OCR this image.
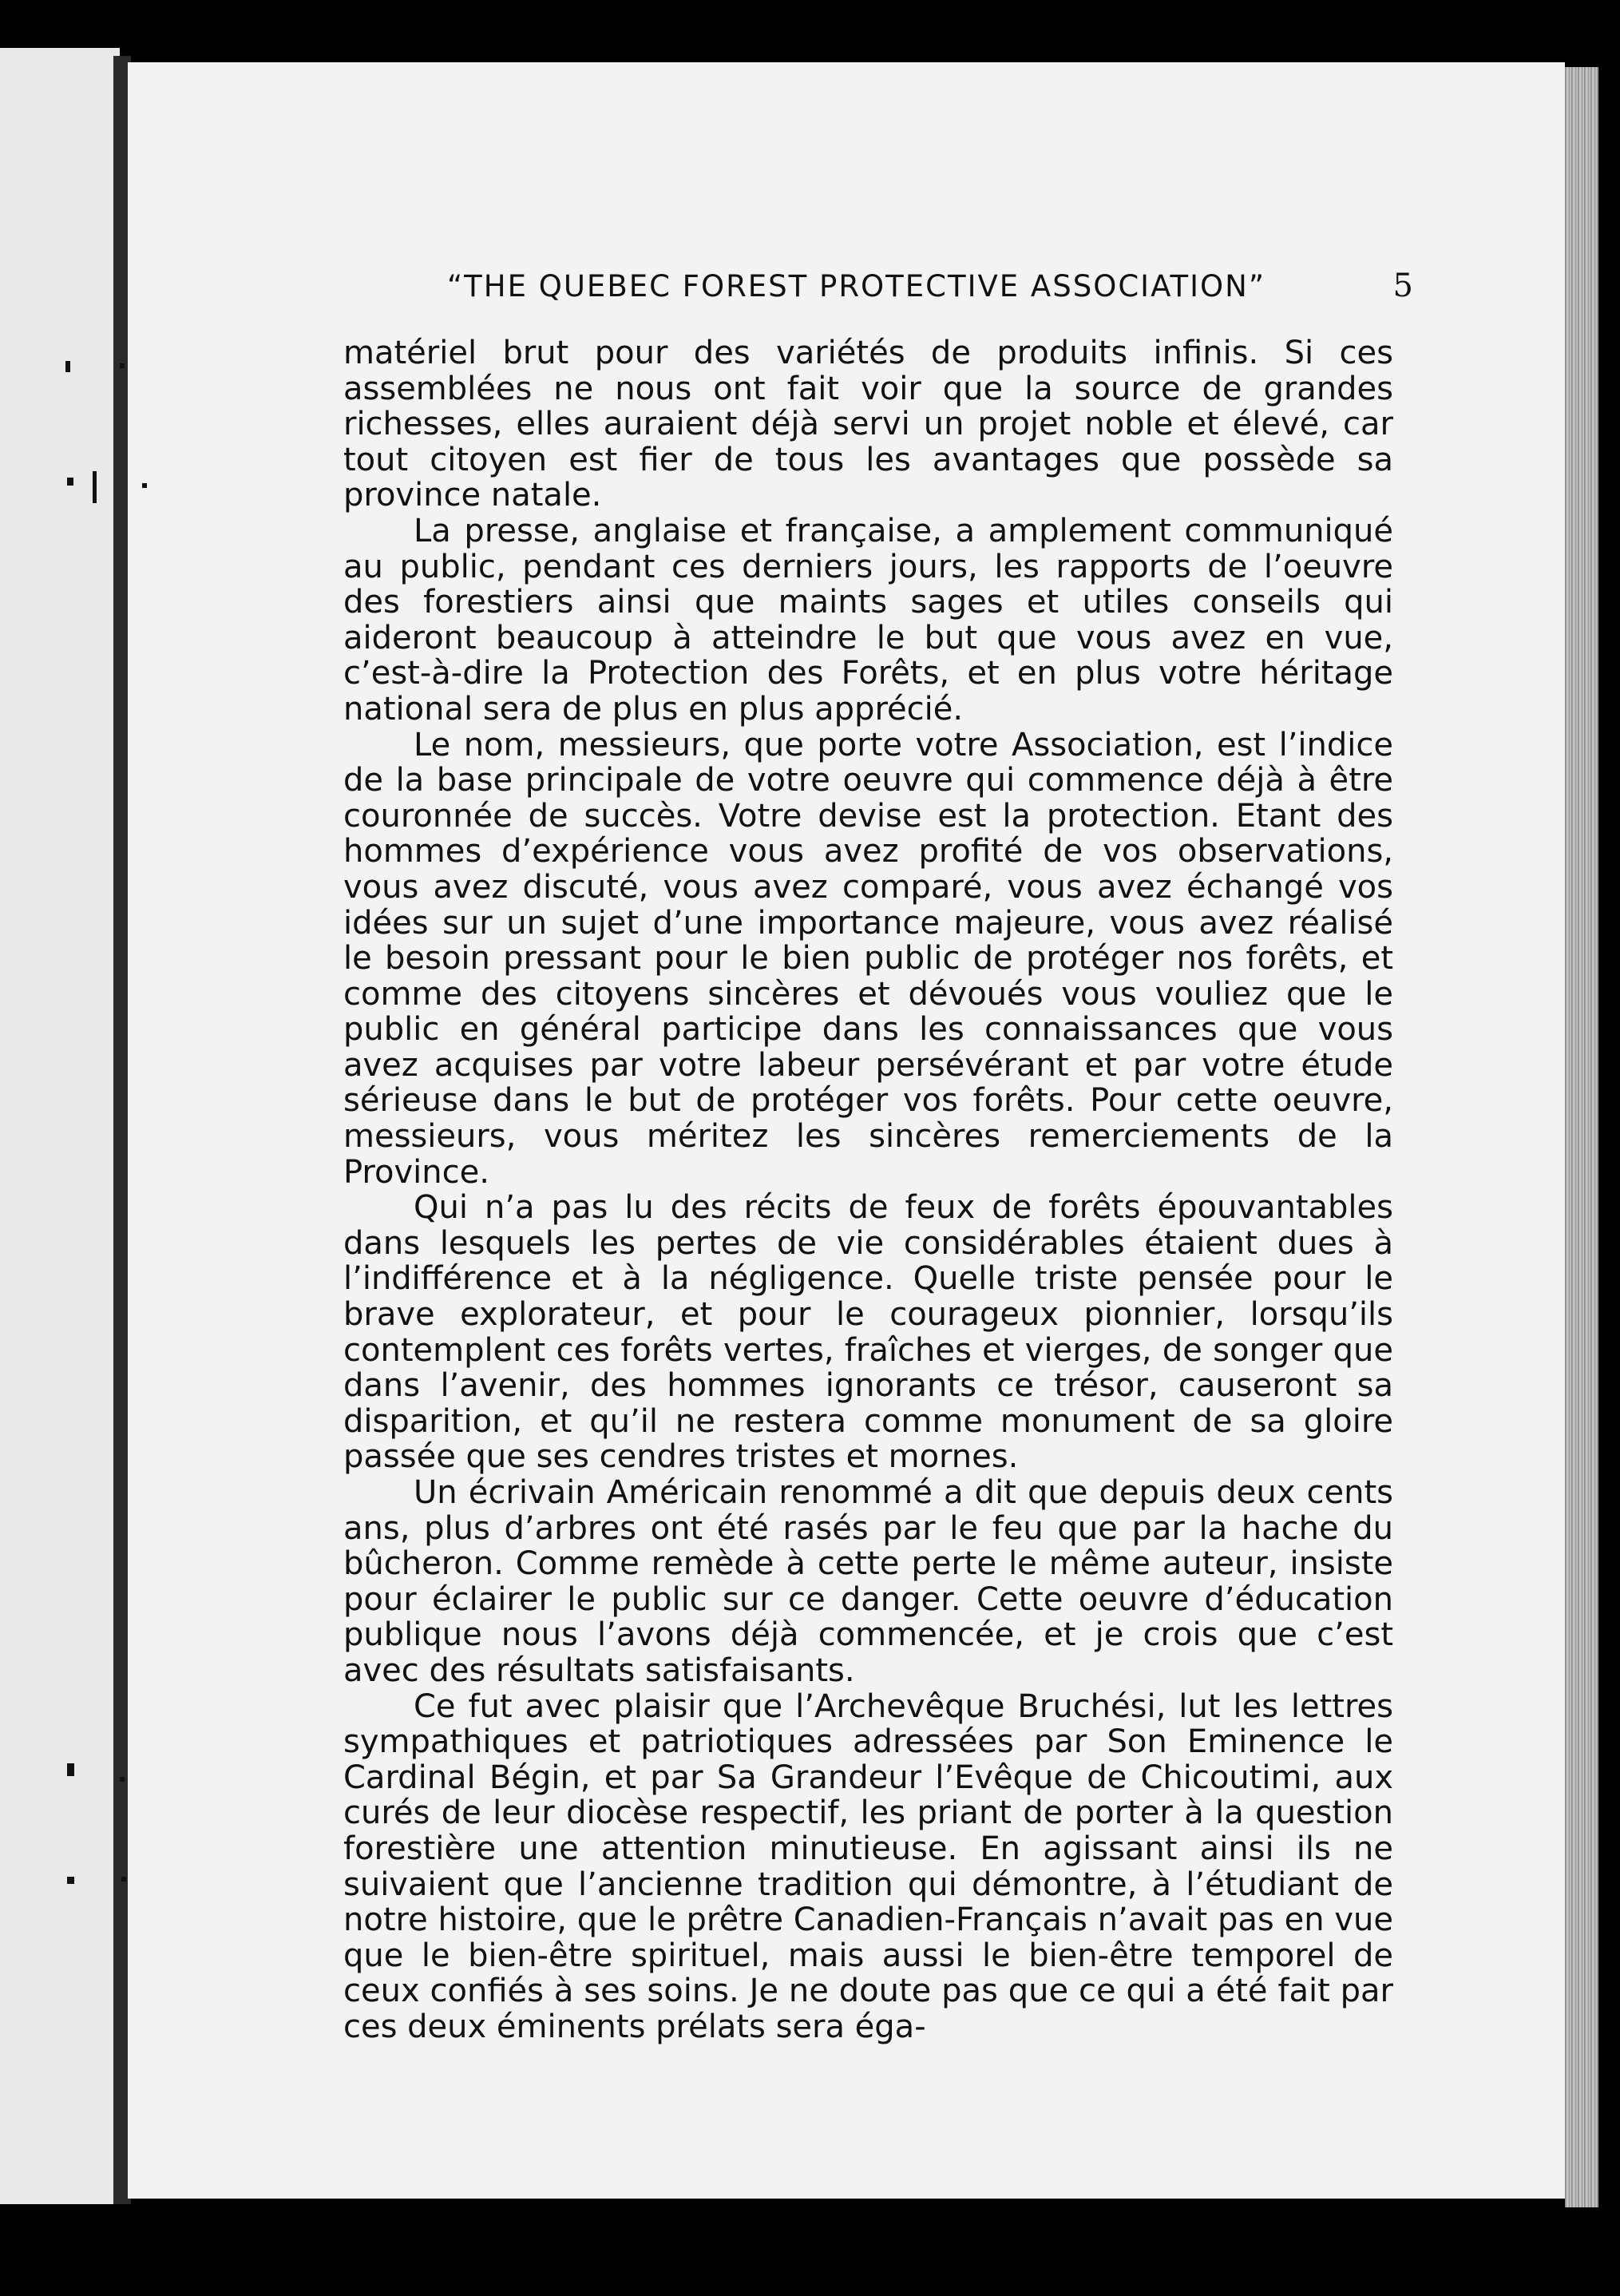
“THE QUEBEC FOREST PROTECTIVE ASSOCIATION”	5

matériel brut pour des variétés de produits infinis. Si ces assemblées ne nous ont fait voir que la source de grandes richesses, elles auraient déjà servi un projet noble et élevé, car tout citoyen est fier de tous les avantages que possède sa province natale.

La presse, anglaise et française, a amplement communiqué au public, pendant ces derniers jours, les rapports de l’oeuvre des forestiers ainsi que maints sages et utiles conseils qui aideront beaucoup à atteindre le but que vous avez en vue, c’est-à-dire la Protection des Forêts, et en plus votre héritage national sera de plus en plus apprécié.

Le nom, messieurs, que porte votre Association, est l’indice de la base principale de votre oeuvre qui commence déjà à être couronnée de succès. Votre devise est la protection. Etant des hommes d’expérience vous avez profité de vos observations, vous avez discuté, vous avez comparé, vous avez échangé vos idées sur un sujet d’une importance majeure, vous avez réalisé le besoin pressant pour le bien public de protéger nos forêts, et comme des citoyens sincères et dévoués vous vouliez que le public en général participe dans les connaissances que vous avez acquises par votre labeur persévérant et par votre étude sérieuse dans le but de protéger vos forêts. Pour cette oeuvre, messieurs, vous méritez les sincères remerciements de la Province.

Qui n’a pas lu des récits de feux de forêts épouvantables dans lesquels les pertes de vie considérables étaient dues à l’indifférence et à la négligence. Quelle triste pensée pour le brave explorateur, et pour le courageux pionnier, lorsqu’ils contemplent ces forêts vertes, fraîches et vierges, de songer que dans l’avenir, des hommes ignorants ce trésor, causeront sa disparition, et qu’il ne restera comme monument de sa gloire passée que ses cendres tristes et mornes.

Un écrivain Américain renommé a dit que depuis deux cents ans, plus d’arbres ont été rasés par le feu que par la hache du bûcheron. Comme remède à cette perte le même auteur, insiste pour éclairer le public sur ce danger. Cette oeuvre d’éducation publique nous l’avons déjà commencée, et je crois que c’est avec des résultats satisfaisants.

Ce fut avec plaisir que l’Archevêque Bruchési, lut les lettres sympathiques et patriotiques adressées par Son Eminence le Cardinal Bégin, et par Sa Grandeur l’Evêque de Chicoutimi, aux curés de leur diocèse respectif, les priant de porter à la question forestière une attention minutieuse. En agissant ainsi ils ne suivaient que l’ancienne tradition qui démontre, à l’étudiant de notre histoire, que le prêtre Canadien-Français n’avait pas en vue que le bien-être spirituel, mais aussi le bien-être temporel de ceux confiés à ses soins. Je ne doute pas que ce qui a été fait par ces deux éminents prélats sera éga-
